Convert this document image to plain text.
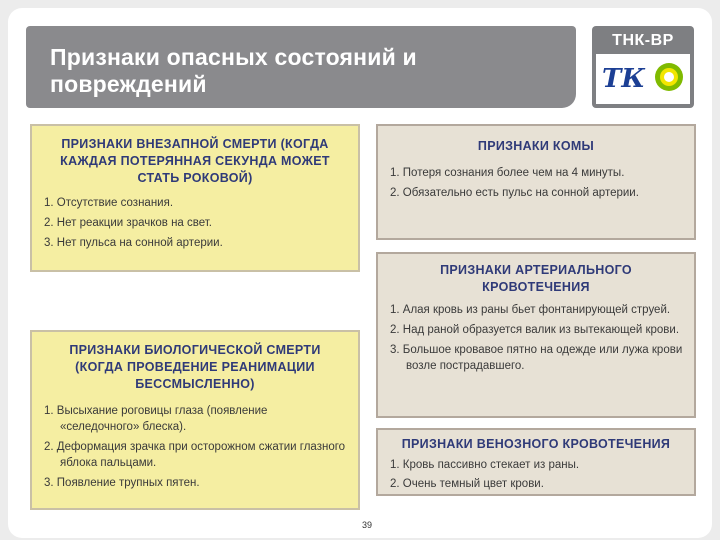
Признаки опасных состояний и повреждений
ТНК-ВР
ТК
ПРИЗНАКИ ВНЕЗАПНОЙ СМЕРТИ (КОГДА КАЖДАЯ ПОТЕРЯННАЯ СЕКУНДА МОЖЕТ СТАТЬ РОКОВОЙ)
1. Отсутствие сознания.
2. Нет реакции зрачков на свет.
3. Нет пульса на сонной артерии.
ПРИЗНАКИ БИОЛОГИЧЕСКОЙ СМЕРТИ (КОГДА ПРОВЕДЕНИЕ РЕАНИМАЦИИ БЕССМЫСЛЕННО)
1. Высыхание роговицы глаза (появление «селедочного» блеска).
2. Деформация зрачка при осторожном сжатии глазного яблока пальцами.
3. Появление трупных пятен.
ПРИЗНАКИ КОМЫ
1. Потеря сознания более чем на 4 минуты.
2. Обязательно есть пульс на сонной артерии.
ПРИЗНАКИ АРТЕРИАЛЬНОГО КРОВОТЕЧЕНИЯ
1. Алая кровь из раны бьет фонтанирующей струей.
2. Над раной образуется валик из вытекающей крови.
3. Большое кровавое пятно на одежде или лужа крови возле пострадавшего.
ПРИЗНАКИ ВЕНОЗНОГО КРОВОТЕЧЕНИЯ
1. Кровь пассивно стекает из раны.
2. Очень темный цвет крови.
39
